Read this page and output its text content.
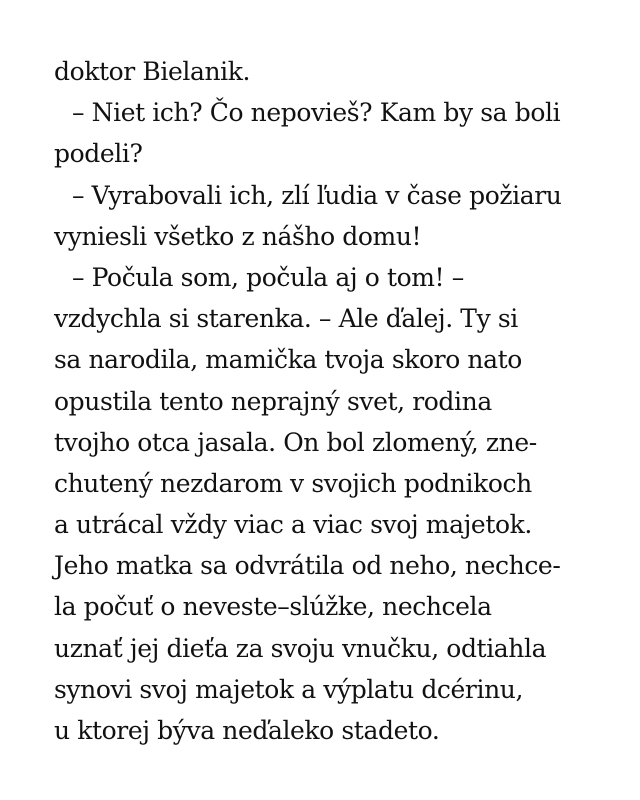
doktor Bielanik.
– Niet ich? Čo nepovieš? Kam by sa boli
podeli?
– Vyrabovali ich, zlí ľudia v čase požiaru
vyniesli všetko z nášho domu!
– Počula som, počula aj o tom! –
vzdychla si starenka. – Ale ďalej. Ty si
sa narodila, mamička tvoja skoro nato
opustila tento neprajný svet, rodina
tvojho otca jasala. On bol zlomený, zne-
chutený nezdarom v svojich podnikoch
a utrácal vždy viac a viac svoj majetok.
Jeho matka sa odvrátila od neho, nechce-
la počuť o neveste–slúžke, nechcela
uznať jej dieťa za svoju vnučku, odtiahla
synovi svoj majetok a výplatu dcérinu,
u ktorej býva neďaleko stadeto.
